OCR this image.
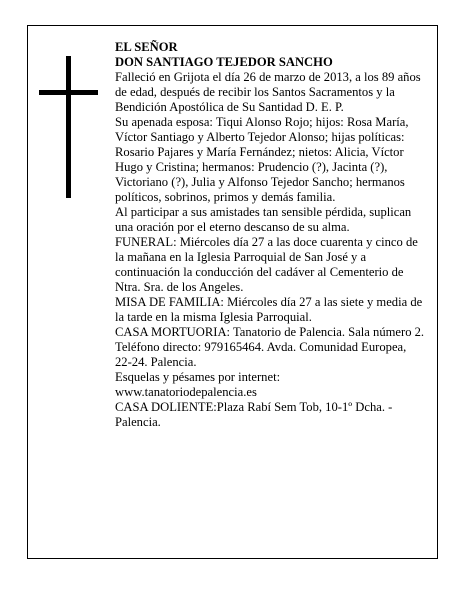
EL SEÑOR

DON SANTIAGO TEJEDOR SANCHO

Falleció en Grijota el día 26 de marzo de 2013, a los 89 años de edad, después de recibir los Santos Sacramentos y la Bendición Apostólica de Su Santidad D. E. P.

Su apenada esposa: Tiqui Alonso Rojo; hijos: Rosa María, Víctor Santiago y Alberto Tejedor Alonso; hijas políticas: Rosario Pajares y María Fernández; nietos: Alicia, Víctor Hugo y Cristina; hermanos: Prudencio (?), Jacinta (?), Victoriano (?), Julia y Alfonso Tejedor Sancho; hermanos políticos, sobrinos, primos y demás familia.

Al participar a sus amistades tan sensible pérdida, suplican una oración por el eterno descanso de su alma.

FUNERAL: Miércoles día 27 a las doce cuarenta y cinco de la mañana en la Iglesia Parroquial de San José y a continuación la conducción del cadáver al Cementerio de Ntra. Sra. de los Angeles.

MISA DE FAMILIA: Miércoles día 27 a las siete y media de la tarde en la misma Iglesia Parroquial.

CASA MORTUORIA: Tanatorio de Palencia. Sala número 2. Teléfono directo: 979165464. Avda. Comunidad Europea, 22-24. Palencia.

Esquelas y pésames por internet: www.tanatoriodepalencia.es

CASA DOLIENTE:Plaza Rabí Sem Tob, 10-1º Dcha. - Palencia.
